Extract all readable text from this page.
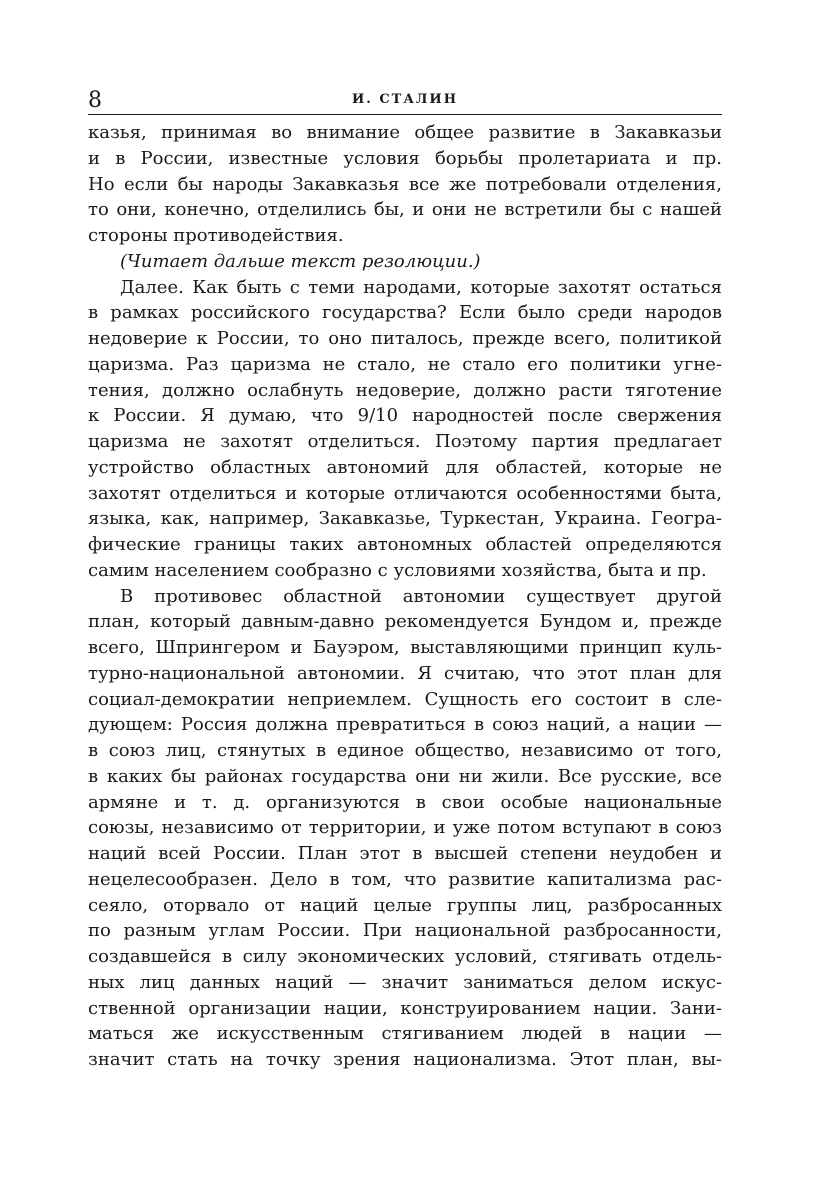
8	И. СТАЛИН
казья, принимая во внимание общее развитие в Закавказьи
и в России, известные условия борьбы пролетариата и пр.
Но если бы народы Закавказья все же потребовали отделения,
то они, конечно, отделились бы, и они не встретили бы с нашей
стороны противодействия.
(Читает дальше текст резолюции.)
Далее. Как быть с теми народами, которые захотят остаться
в рамках российского государства? Если было среди народов
недоверие к России, то оно питалось, прежде всего, политикой
царизма. Раз царизма не стало, не стало его политики угне-
тения, должно ослабнуть недоверие, должно расти тяготение
к России. Я думаю, что 9/10 народностей после свержения
царизма не захотят отделиться. Поэтому партия предлагает
устройство областных автономий для областей, которые не
захотят отделиться и которые отличаются особенностями быта,
языка, как, например, Закавказье, Туркестан, Украина. Геогра-
фические границы таких автономных областей определяются
самим населением сообразно с условиями хозяйства, быта и пр.
В противовес областной автономии существует другой
план, который давным-давно рекомендуется Бундом и, прежде
всего, Шпрингером и Бауэром, выставляющими принцип куль-
турно-национальной автономии. Я считаю, что этот план для
социал-демократии неприемлем. Сущность его состоит в сле-
дующем: Россия должна превратиться в союз наций, а нации —
в союз лиц, стянутых в единое общество, независимо от того,
в каких бы районах государства они ни жили. Все русские, все
армяне и т. д. организуются в свои особые национальные
союзы, независимо от территории, и уже потом вступают в союз
наций всей России. План этот в высшей степени неудобен и
нецелесообразен. Дело в том, что развитие капитализма рас-
сеяло, оторвало от наций целые группы лиц, разбросанных
по разным углам России. При национальной разбросанности,
создавшейся в силу экономических условий, стягивать отдель-
ных лиц данных наций — значит заниматься делом искус-
ственной организации нации, конструированием нации. Зани-
маться же искусственным стягиванием людей в нации —
значит стать на точку зрения национализма. Этот план, вы-
